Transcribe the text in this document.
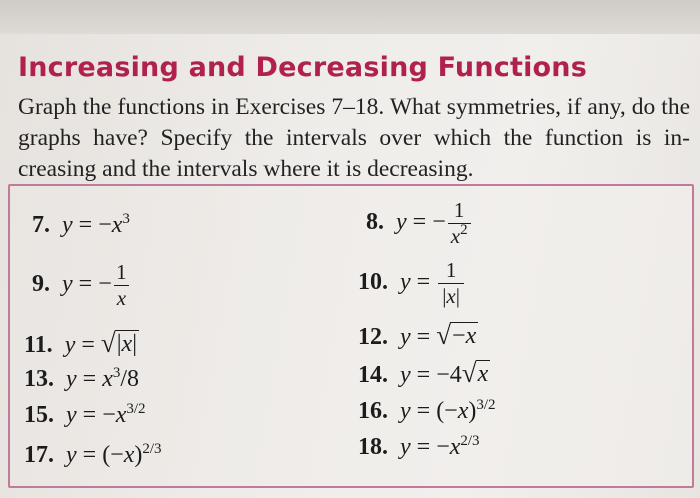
Increasing and Decreasing Functions

Graph the functions in Exercises 7–18. What symmetries, if any, do the graphs have? Specify the intervals over which the function is in-creasing and the intervals where it is decreasing.

7. $y = -x^3$	8. y = − $\frac{1}{x^2}$
9. y = − $\frac{1}{x}$	10. $y = \frac{1}{|x|}$
11. y = √ |x|	12. y = √ −x
13. $y = x^3/8$	14. y = −4 √ x
15. $y = -x^{3/2}$	16. $y = (-x)^{3/2}$
17. $y = (-x)^{2/3}$	18. $y = -x^{2/3}$
